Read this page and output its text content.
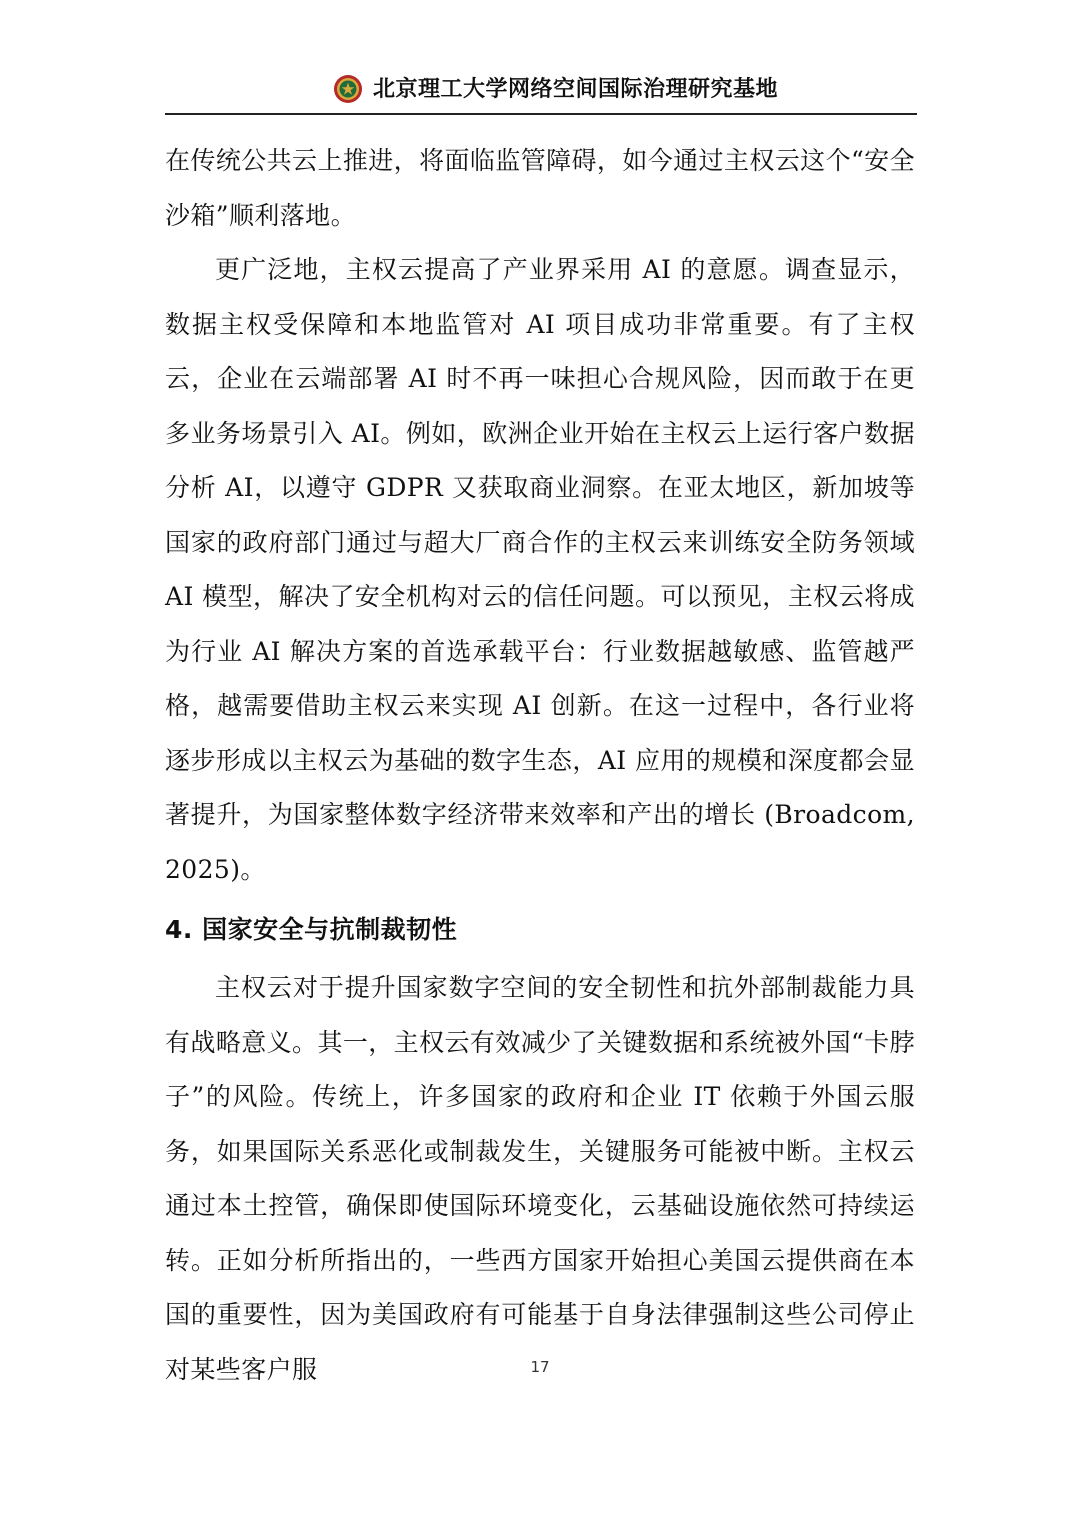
北京理工大学网络空间国际治理研究基地

在传统公共云上推进，将面临监管障碍，如今通过主权云这个“安全沙箱”顺利落地。

更广泛地，主权云提高了产业界采用 AI 的意愿。调查显示，数据主权受保障和本地监管对 AI 项目成功非常重要。有了主权云，企业在云端部署 AI 时不再一味担心合规风险，因而敢于在更多业务场景引入 AI。例如，欧洲企业开始在主权云上运行客户数据分析 AI，以遵守 GDPR 又获取商业洞察。在亚太地区，新加坡等国家的政府部门通过与超大厂商合作的主权云来训练安全防务领域 AI 模型，解决了安全机构对云的信任问题。可以预见，主权云将成为行业 AI 解决方案的首选承载平台：行业数据越敏感、监管越严格，越需要借助主权云来实现 AI 创新。在这一过程中，各行业将逐步形成以主权云为基础的数字生态，AI 应用的规模和深度都会显著提升，为国家整体数字经济带来效率和产出的增长 (Broadcom, 2025)。

4. 国家安全与抗制裁韧性

主权云对于提升国家数字空间的安全韧性和抗外部制裁能力具有战略意义。其一，主权云有效减少了关键数据和系统被外国“卡脖子”的风险。传统上，许多国家的政府和企业 IT 依赖于外国云服务，如果国际关系恶化或制裁发生，关键服务可能被中断。主权云通过本土控管，确保即使国际环境变化，云基础设施依然可持续运转。正如分析所指出的，一些西方国家开始担心美国云提供商在本国的重要性，因为美国政府有可能基于自身法律强制这些公司停止对某些客户服	17
